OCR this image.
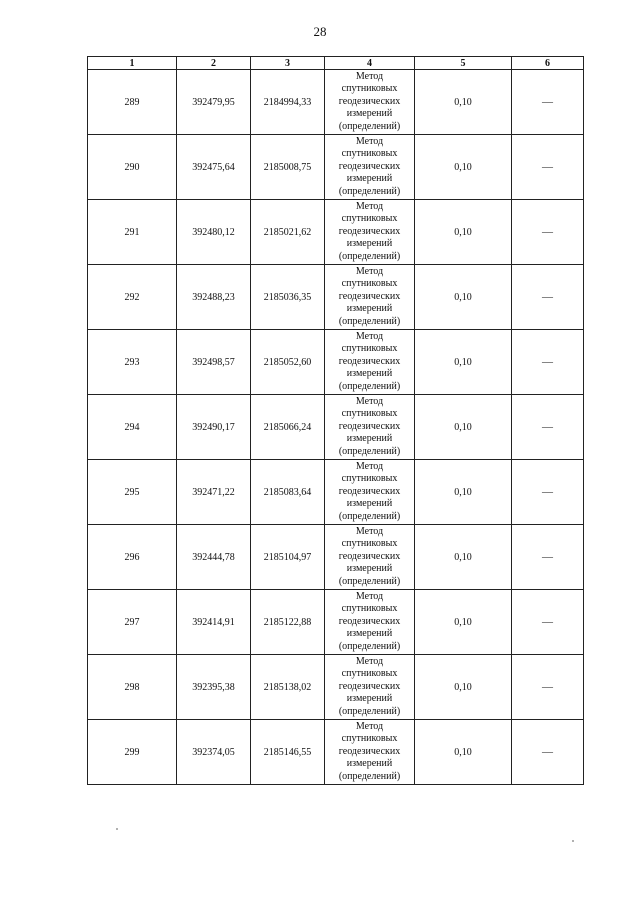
28
1	2	3	4	5	6
289	392479,95	2184994,33	Метод
спутниковых
геодезических
измерений
(определений)	0,10	—
290	392475,64	2185008,75	Метод
спутниковых
геодезических
измерений
(определений)	0,10	—
291	392480,12	2185021,62	Метод
спутниковых
геодезических
измерений
(определений)	0,10	—
292	392488,23	2185036,35	Метод
спутниковых
геодезических
измерений
(определений)	0,10	—
293	392498,57	2185052,60	Метод
спутниковых
геодезических
измерений
(определений)	0,10	—
294	392490,17	2185066,24	Метод
спутниковых
геодезических
измерений
(определений)	0,10	—
295	392471,22	2185083,64	Метод
спутниковых
геодезических
измерений
(определений)	0,10	—
296	392444,78	2185104,97	Метод
спутниковых
геодезических
измерений
(определений)	0,10	—
297	392414,91	2185122,88	Метод
спутниковых
геодезических
измерений
(определений)	0,10	—
298	392395,38	2185138,02	Метод
спутниковых
геодезических
измерений
(определений)	0,10	—
299	392374,05	2185146,55	Метод
спутниковых
геодезических
измерений
(определений)	0,10	—
